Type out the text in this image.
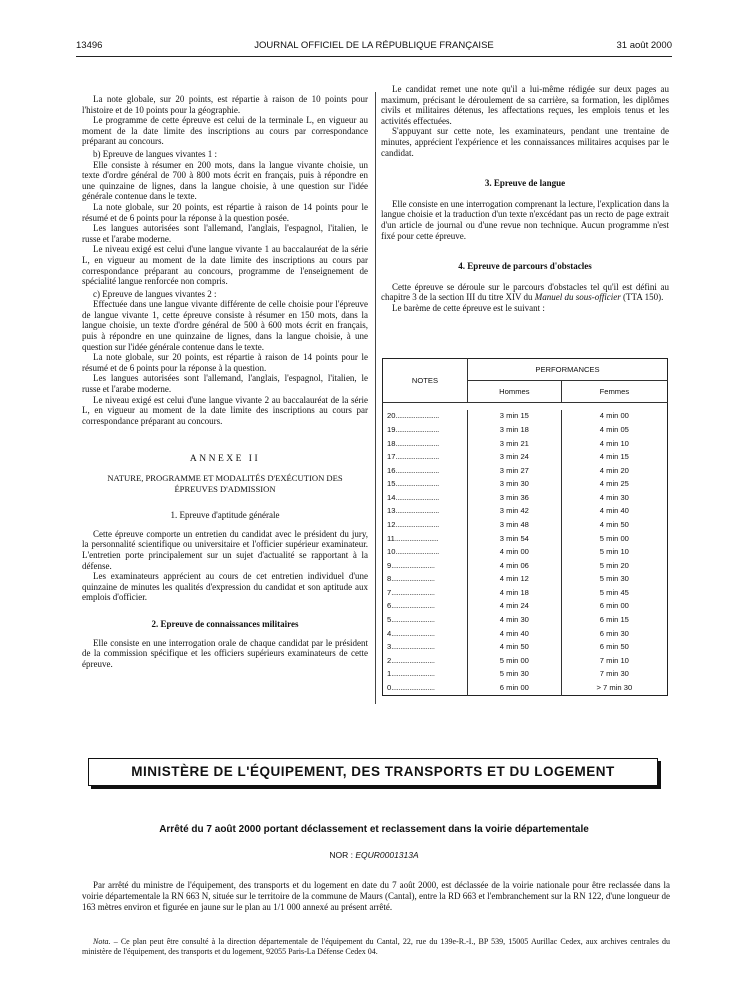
13496	JOURNAL OFFICIEL DE LA RÉPUBLIQUE FRANÇAISE	31 août 2000

La note globale, sur 20 points, est répartie à raison de 10 points pour l'histoire et de 10 points pour la géographie.

Le programme de cette épreuve est celui de la terminale L, en vigueur au moment de la date limite des inscriptions au cours par correspondance préparant au concours.

b) Epreuve de langues vivantes 1 :

Elle consiste à résumer en 200 mots, dans la langue vivante choisie, un texte d'ordre général de 700 à 800 mots écrit en français, puis à répondre en une quinzaine de lignes, dans la langue choisie, à une question sur l'idée générale contenue dans le texte.

La note globale, sur 20 points, est répartie à raison de 14 points pour le résumé et de 6 points pour la réponse à la question posée.

Les langues autorisées sont l'allemand, l'anglais, l'espagnol, l'italien, le russe et l'arabe moderne.

Le niveau exigé est celui d'une langue vivante 1 au baccalauréat de la série L, en vigueur au moment de la date limite des inscriptions au cours par correspondance préparant au concours, programme de l'enseignement de spécialité langue renforcée non compris.

c) Epreuve de langues vivantes 2 :

Effectuée dans une langue vivante différente de celle choisie pour l'épreuve de langue vivante 1, cette épreuve consiste à résumer en 150 mots, dans la langue choisie, un texte d'ordre général de 500 à 600 mots écrit en français, puis à répondre en une quinzaine de lignes, dans la langue choisie, à une question sur l'idée générale contenue dans le texte.

La note globale, sur 20 points, est répartie à raison de 14 points pour le résumé et de 6 points pour la réponse à la question.

Les langues autorisées sont l'allemand, l'anglais, l'espagnol, l'italien, le russe et l'arabe moderne.

Le niveau exigé est celui d'une langue vivante 2 au baccalauréat de la série L, en vigueur au moment de la date limite des inscriptions au cours par correspondance préparant au concours.

ANNEXE II
NATURE, PROGRAMME ET MODALITÉS D'EXÉCUTION DES ÉPREUVES D'ADMISSION
1. Epreuve d'aptitude générale

Cette épreuve comporte un entretien du candidat avec le président du jury, la personnalité scientifique ou universitaire et l'officier supérieur examinateur. L'entretien porte principalement sur un sujet d'actualité se rapportant à la défense.

Les examinateurs apprécient au cours de cet entretien individuel d'une quinzaine de minutes les qualités d'expression du candidat et son aptitude aux emplois d'officier.

2. Epreuve de connaissances militaires

Elle consiste en une interrogation orale de chaque candidat par le président de la commission spécifique et les officiers supérieurs examinateurs de cette épreuve.

Le candidat remet une note qu'il a lui-même rédigée sur deux pages au maximum, précisant le déroulement de sa carrière, sa formation, les diplômes civils et militaires détenus, les affectations reçues, les emplois tenus et les activités effectuées.

S'appuyant sur cette note, les examinateurs, pendant une trentaine de minutes, apprécient l'expérience et les connaissances militaires acquises par le candidat.

3. Epreuve de langue

Elle consiste en une interrogation comprenant la lecture, l'explication dans la langue choisie et la traduction d'un texte n'excédant pas un recto de page extrait d'un article de journal ou d'une revue non technique. Aucun programme n'est fixé pour cette épreuve.

4. Epreuve de parcours d'obstacles

Cette épreuve se déroule sur le parcours d'obstacles tel qu'il est défini au chapitre 3 de la section III du titre XIV du Manuel du sous-officier (TTA 150).

Le barème de cette épreuve est le suivant :

NOTES	PERFORMANCES	
	Hommes	Femmes

20........................	3 min 15	4 min 00
19........................	3 min 18	4 min 05
18........................	3 min 21	4 min 10
17........................	3 min 24	4 min 15
16........................	3 min 27	4 min 20
15........................	3 min 30	4 min 25
14........................	3 min 36	4 min 30
13........................	3 min 42	4 min 40
12........................	3 min 48	4 min 50
11........................	3 min 54	5 min 00
10........................	4 min 00	5 min 10
9........................	4 min 06	5 min 20
8........................	4 min 12	5 min 30
7........................	4 min 18	5 min 45
6........................	4 min 24	6 min 00
5........................	4 min 30	6 min 15
4........................	4 min 40	6 min 30
3........................	4 min 50	6 min 50
2........................	5 min 00	7 min 10
1........................	5 min 30	7 min 30
0........................	6 min 00	> 7 min 30
MINISTÈRE DE L'ÉQUIPEMENT, DES TRANSPORTS ET DU LOGEMENT
Arrêté du 7 août 2000 portant déclassement et reclassement dans la voirie départementale
NOR : EQUR0001313A
Par arrêté du ministre de l'équipement, des transports et du logement en date du 7 août 2000, est déclassée de la voirie nationale pour être reclassée dans la voirie départementale la RN 663 N, située sur le territoire de la commune de Maurs (Cantal), entre la RD 663 et l'embranchement sur la RN 122, d'une longueur de 163 mètres environ et figurée en jaune sur le plan au 1/1 000 annexé au présent arrêté.
Nota. – Ce plan peut être consulté à la direction départementale de l'équipement du Cantal, 22, rue du 139e-R.-I., BP 539, 15005 Aurillac Cedex, aux archives centrales du ministère de l'équipement, des transports et du logement, 92055 Paris-La Défense Cedex 04.
